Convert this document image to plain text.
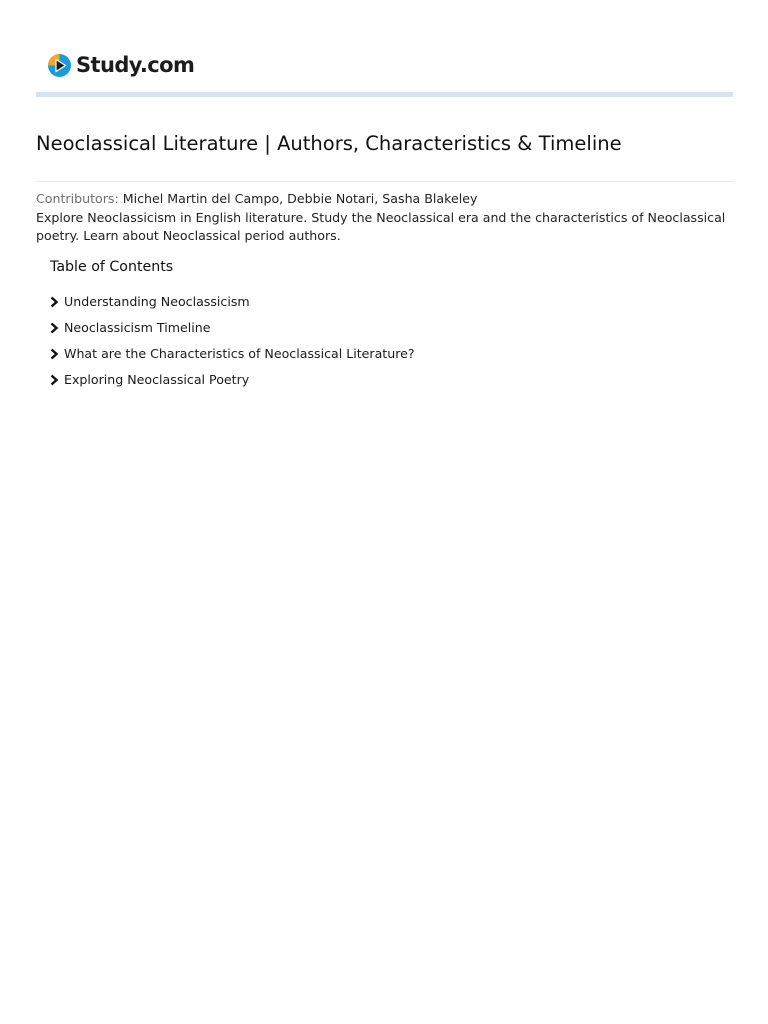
Study.com
Neoclassical Literature | Authors, Characteristics & Timeline
Contributors: Michel Martin del Campo, Debbie Notari, Sasha Blakeley
Explore Neoclassicism in English literature. Study the Neoclassical era and the characteristics of Neoclassical poetry. Learn about Neoclassical period authors.
Table of Contents
Understanding Neoclassicism
Neoclassicism Timeline
What are the Characteristics of Neoclassical Literature?
Exploring Neoclassical Poetry
